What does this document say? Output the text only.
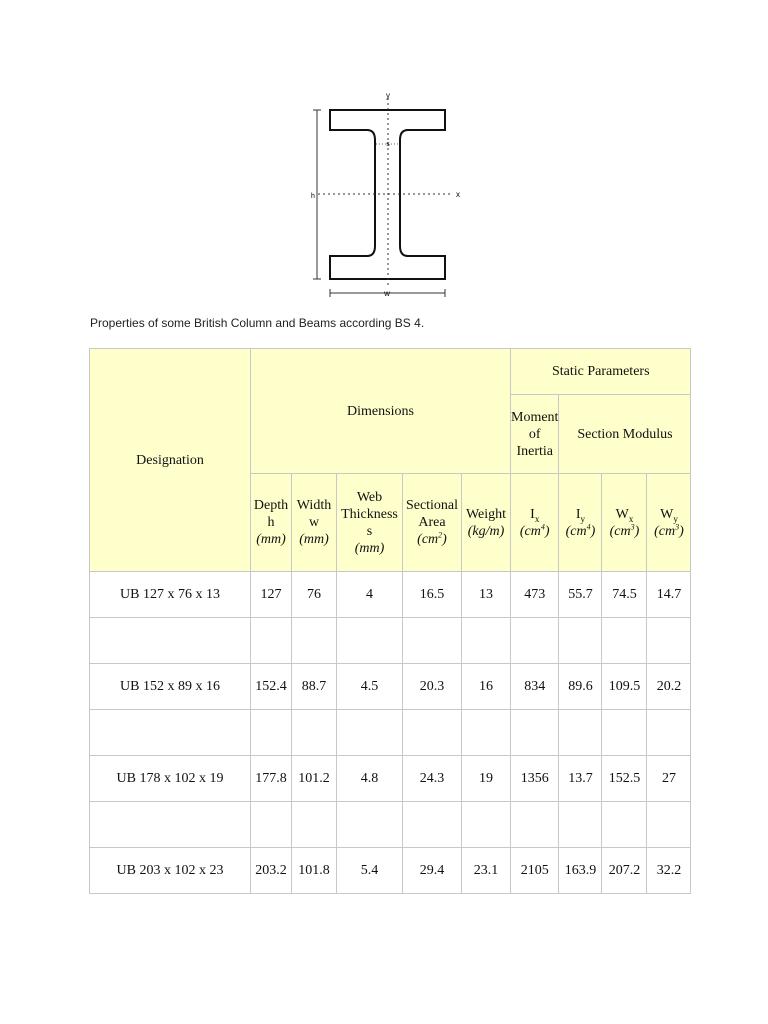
y
x
w
s
h
Properties of some British Column and Beams according BS 4.
Designation	Dimensions					Static Parameters			
						Moment of Inertia	Section Modulus		
	Depth
h
(mm)	Width
w
(mm)	Web Thickness
s
(mm)	Sectional Area
$(cm^2)$	Weight
(kg/m)	$I_x$
$(cm^4)$	$I_y$
$(cm^4)$	$W_x$
$(cm^3)$	$W_y$
$(cm^3)$
UB 127 x 76 x 13	127	76	4	16.5	13	473	55.7	74.5	14.7

UB 152 x 89 x 16	152.4	88.7	4.5	20.3	16	834	89.6	109.5	20.2

UB 178 x 102 x 19	177.8	101.2	4.8	24.3	19	1356	13.7	152.5	27

UB 203 x 102 x 23	203.2	101.8	5.4	29.4	23.1	2105	163.9	207.2	32.2
